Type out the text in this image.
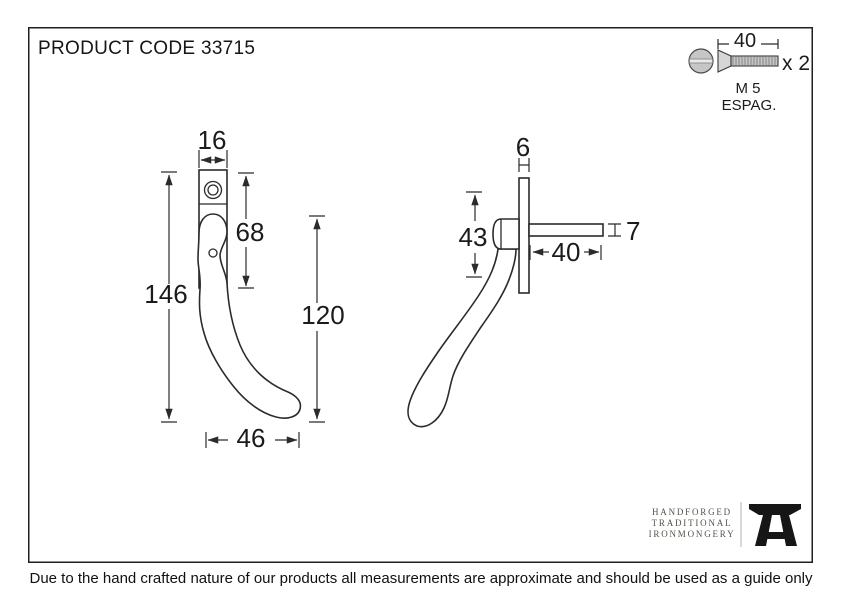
PRODUCT CODE 33715	40
x 2
M 5
ESPAG.
16
68
146
120
46
6
43 40
7
HANDFORGED
TRADITIONAL
IRONMONGERY
Due to the hand crafted nature of our products all measurements are approximate and should be used as a guide only
